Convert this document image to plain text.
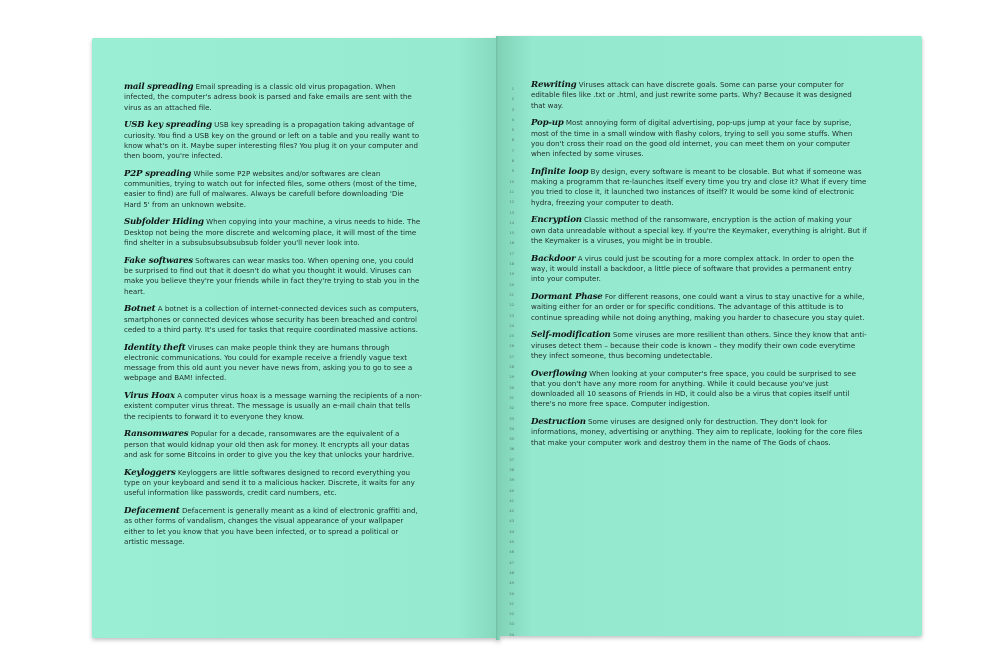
mail spreading Email spreading is a classic old virus propagation. When infected, the computer's adress book is parsed and fake emails are sent with the virus as an attached file.

USB key spreading USB key spreading is a propagation taking advantage of curiosity. You find a USB key on the ground or left on a table and you really want to know what's on it. Maybe super interesting files? You plug it on your computer and then boom, you're infected.

P2P spreading While some P2P websites and/or softwares are clean communities, trying to watch out for infected files, some others (most of the time, easier to find) are full of malwares. Always be carefull before downloading 'Die Hard 5' from an unknown website.

Subfolder Hiding When copying into your machine, a virus needs to hide. The Desktop not being the more discrete and welcoming place, it will most of the time find shelter in a subsubsubsubsubsub folder you'll never look into.

Fake softwares Softwares can wear masks too. When opening one, you could be surprised to find out that it doesn't do what you thought it would. Viruses can make you believe they're your friends while in fact they're trying to stab you in the heart.

Botnet A botnet is a collection of internet-connected devices such as computers, smartphones or connected devices whose security has been breached and control ceded to a third party. It's used for tasks that require coordinated massive actions.

Identity theft Viruses can make people think they are humans through electronic communications. You could for example receive a friendly vague text message from this old aunt you never have news from, asking you to go to see a webpage and BAM! infected.

Virus Hoax A computer virus hoax is a message warning the recipients of a non-existent computer virus threat. The message is usually an e-mail chain that tells the recipients to forward it to everyone they know.

Ransomwares Popular for a decade, ransomwares are the equivalent of a person that would kidnap your old then ask for money. It encrypts all your datas and ask for some Bitcoins in order to give you the key that unlocks your hardrive.

Keyloggers Keyloggers are little softwares designed to record everything you type on your keyboard and send it to a malicious hacker. Discrete, it waits for any useful information like passwords, credit card numbers, etc.

Defacement Defacement is generally meant as a kind of electronic graffiti and, as other forms of vandalism, changes the visual appearance of your wallpaper either to let you know that you have been infected, or to spread a political or artistic message.

1
2
3
4
5
6
7
8
9
10
11
12
13
14
15
16
17
18
19
20
21
22
23
24
25
26
27
28
29
30
31
32
33
34
35
36
37
38
39
40
41
42
43
44
45
46
47
48
49
50
51
52
53
54

Rewriting Viruses attack can have discrete goals. Some can parse your computer for editable files like .txt or .html, and just rewrite some parts. Why? Because it was designed that way.

Pop-up Most annoying form of digital advertising, pop-ups jump at your face by suprise, most of the time in a small window with flashy colors, trying to sell you some stuffs. When you don't cross their road on the good old internet, you can meet them on your computer when infected by some viruses.

Infinite loop By design, every software is meant to be closable. But what if someone was making a programm that re-launches itself every time you try and close it? What if every time you tried to close it, it launched two instances of itself? It would be some kind of electronic hydra, freezing your computer to death.

Encryption Classic method of the ransomware, encryption is the action of making your own data unreadable without a special key. If you're the Keymaker, everything is alright. But if the Keymaker is a viruses, you might be in trouble.

Backdoor A virus could just be scouting for a more complex attack. In order to open the way, it would install a backdoor, a little piece of software that provides a permanent entry into your computer.

Dormant Phase For different reasons, one could want a virus to stay unactive for a while, waiting either for an order or for specific conditions. The advantage of this attitude is to continue spreading while not doing anything, making you harder to chasecure you stay quiet.

Self-modification Some viruses are more resilient than others. Since they know that anti-viruses detect them – because their code is known – they modify their own code everytime they infect someone, thus becoming undetectable.

Overflowing When looking at your computer's free space, you could be surprised to see that you don't have any more room for anything. While it could because you've just downloaded all 10 seasons of Friends in HD, it could also be a virus that copies itself until there's no more free space. Computer indigestion.

Destruction Some viruses are designed only for destruction. They don't look for informations, money, advertising or anything. They aim to replicate, looking for the core files that make your computer work and destroy them in the name of The Gods of chaos.
